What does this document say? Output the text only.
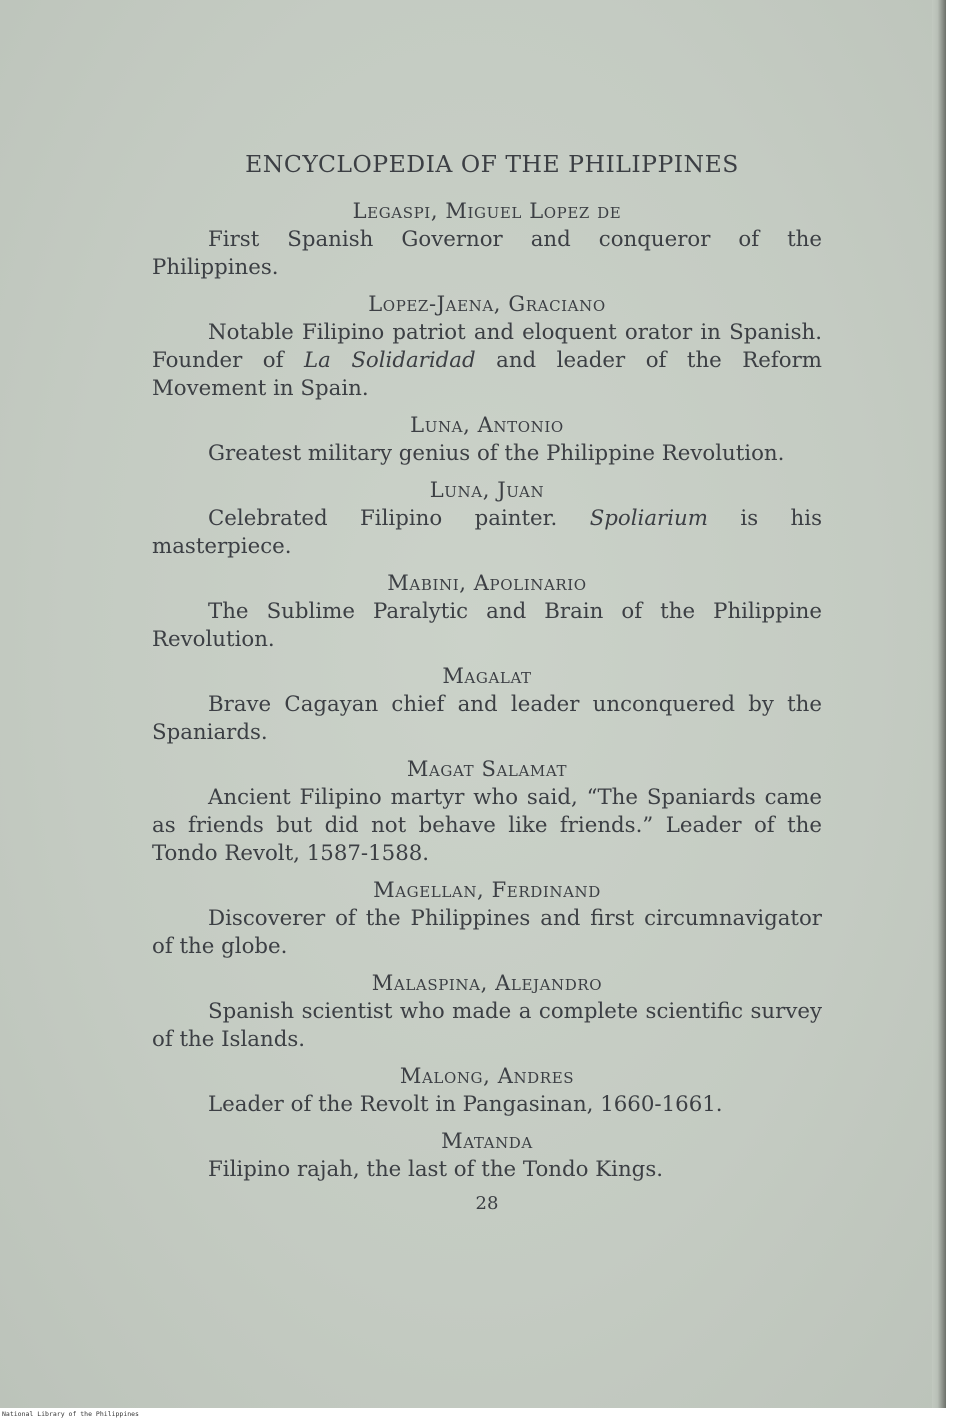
ENCYCLOPEDIA OF THE PHILIPPINES
Legaspi, Miguel Lopez de

First Spanish Governor and conqueror of the Philippines.

Lopez-Jaena, Graciano

Notable Filipino patriot and eloquent orator in Spanish. Founder of La Solidaridad and leader of the Reform Movement in Spain.

Luna, Antonio

Greatest military genius of the Philippine Revolution.

Luna, Juan

Celebrated Filipino painter. Spoliarium is his masterpiece.

Mabini, Apolinario

The Sublime Paralytic and Brain of the Philippine Revolution.

Magalat

Brave Cagayan chief and leader unconquered by the Spaniards.

Magat Salamat

Ancient Filipino martyr who said, “The Spaniards came as friends but did not behave like friends.” Leader of the Tondo Revolt, 1587-1588.

Magellan, Ferdinand

Discoverer of the Philippines and first circumnavigator of the globe.

Malaspina, Alejandro

Spanish scientist who made a complete scientific survey of the Islands.

Malong, Andres

Leader of the Revolt in Pangasinan, 1660-1661.

Matanda

Filipino rajah, the last of the Tondo Kings.

28
National Library of the Philippines
